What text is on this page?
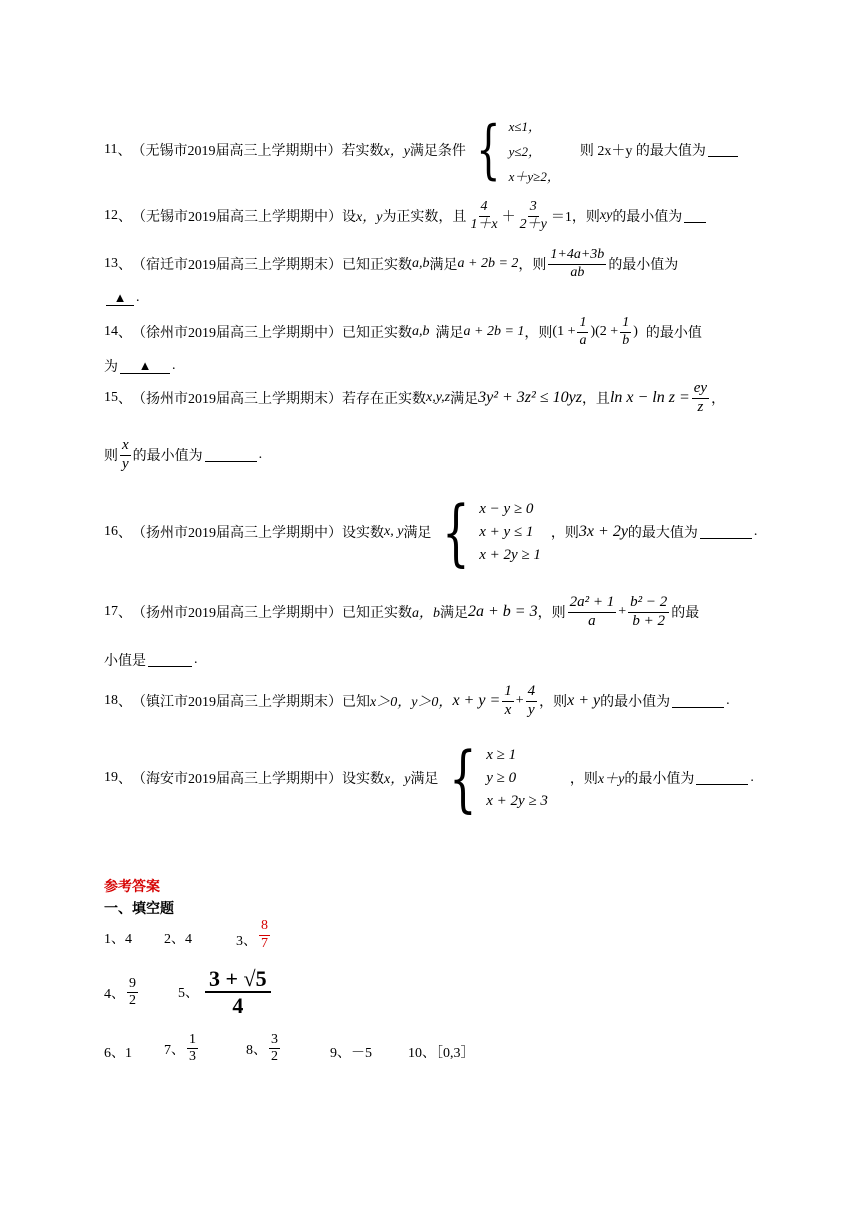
11 、 （无锡市2019届高三上学期期中） 若实数 x，y 满足条件 { x≤1，
y≤2，
x＋y≥2，
则 2x＋y 的最大值为
12 、 （无锡市2019届高三上学期期中） 设 x，y 为正实数，且 $\frac{4}{1+x} + \frac{3}{2+y} =1$，则 xy 的最小值为
13 、 （宿迁市2019届高三上学期期末） 已知正实数 a,b 满足 a + 2b = 2 ，则 $\frac{1+4a+3b}{ab}$ 的最小值为
▲ .
14 、 （徐州市2019届高三上学期期中） 已知正实数 a,b 满足 a + 2b = 1 ，则 $(1 + \frac{1}{a} )(2 + \frac{1}{b}$ ) 的最小值
为	▲	.
15 、 （扬州市2019届高三上学期期末） 若存在正实数 x,y,z 满足 3y² + 3z² ≤ 10yz ，且 $\ln x - \ln z = \frac{ey}{z}$ ，
则 $\frac{x}{y}$ 的最小值为	.
16 、 （扬州市2019届高三上学期期中） 设实数 x, y 满足 { x − y ≥ 0
x + y ≤ 1
x + 2y ≥ 1
，则 3x + 2y 的最大值为	.
17 、 （扬州市2019届高三上学期期中） 已知正实数 a，b 满足 2a + b = 3 ，则 $\frac{\text{2a² + 1}}{a} + \frac{\text{b² − 2}}{b + 2}$ 的最
小值是	.
18 、 （镇江市2019届高三上学期期末） 已知 x＞0，y＞0， $x + y = \frac{1}{x} + \frac{4}{y}$ ，则 x + y 的最小值为	.
19 、 （海安市2019届高三上学期期中） 设实数 x，y 满足 { x ≥ 1
y ≥ 0
x + 2y ≥ 3
，则 x＋y 的最小值为	.
参考答案
一、填空题
1、4 2、4	3、 $\frac{8}{7}$
4、 $\frac{9}{2}$	5、 $\frac{3 + √5}{4}$
6、1 7、 $\frac{1}{3}$	8、 $\frac{3}{2}$	9、－5	10、［0,3］
